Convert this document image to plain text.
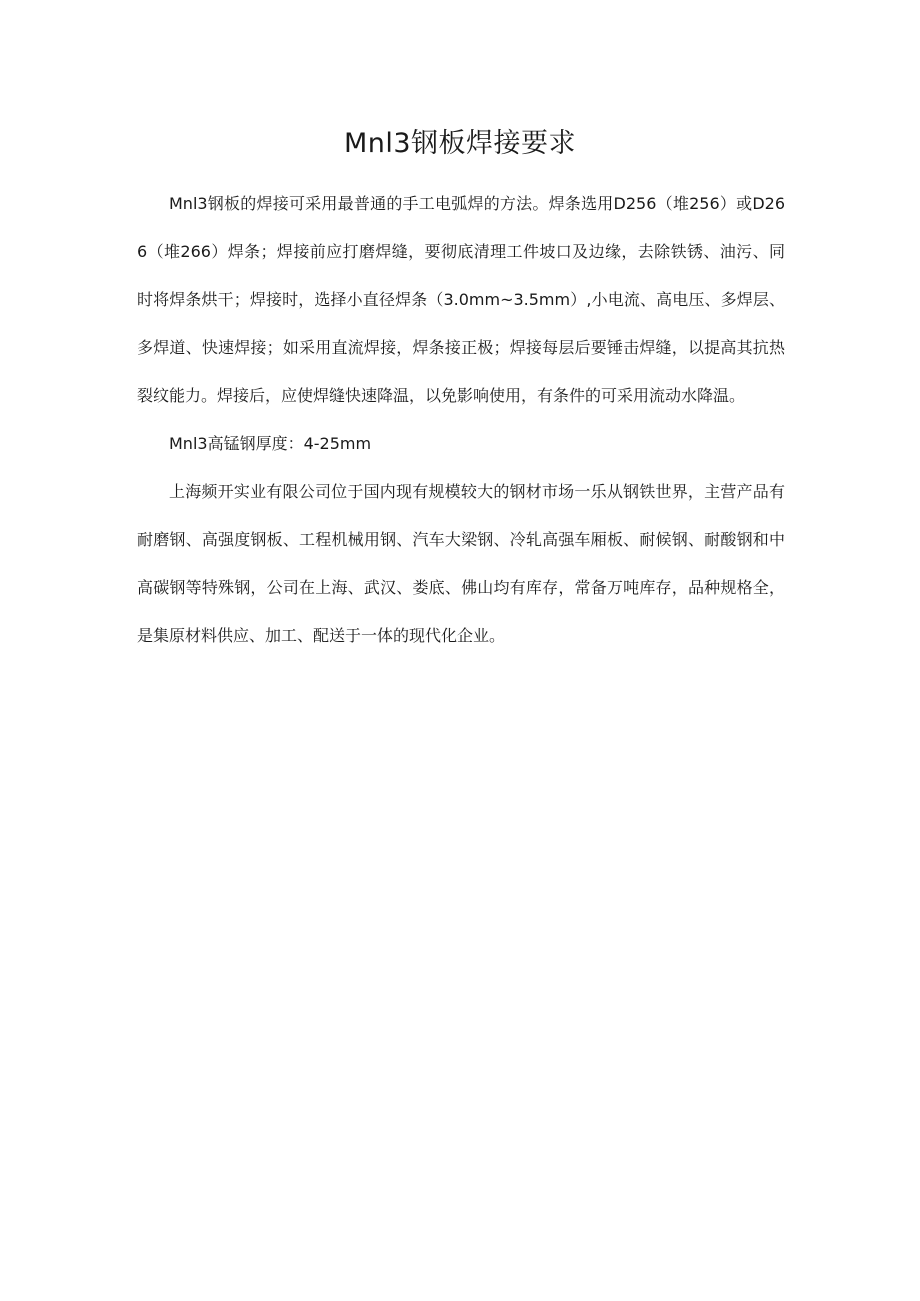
Mnl3钢板焊接要求

Mnl3钢板的焊接可采用最普通的手工电弧焊的方法。焊条选用D256（堆256）或D266（堆266）焊条；焊接前应打磨焊缝，要彻底清理工件坡口及边缘，去除铁锈、油污、同时将焊条烘干；焊接时，选择小直径焊条（3.0mm~3.5mm）,小电流、高电压、多焊层、多焊道、快速焊接；如采用直流焊接，焊条接正极；焊接每层后要锤击焊缝，以提高其抗热裂纹能力。焊接后，应使焊缝快速降温，以免影响使用，有条件的可采用流动水降温。

Mnl3高锰钢厚度：4-25mm

上海频开实业有限公司位于国内现有规模较大的钢材市场一乐从钢铁世界，主营产品有耐磨钢、高强度钢板、工程机械用钢、汽车大梁钢、冷轧高强车厢板、耐候钢、耐酸钢和中高碳钢等特殊钢，公司在上海、武汉、娄底、佛山均有库存，常备万吨库存，品种规格全，是集原材料供应、加工、配送于一体的现代化企业。
